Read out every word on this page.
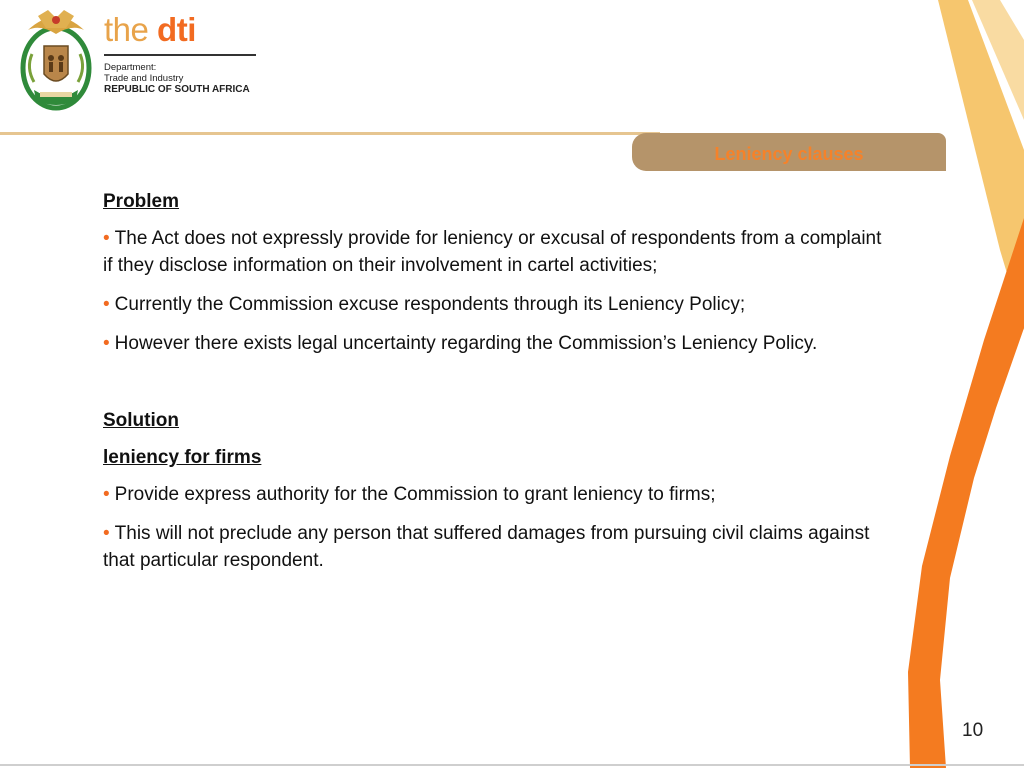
the dti
Department:
Trade and Industry
REPUBLIC OF SOUTH AFRICA
Leniency clauses

Problem

• The Act does not expressly provide for leniency or excusal of respondents from a complaint if they disclose information on their involvement in cartel activities;

• Currently the Commission excuse respondents through its Leniency Policy;

• However there exists legal uncertainty regarding the Commission’s Leniency Policy.

Solution

leniency for firms

• Provide express authority for the Commission to grant leniency to firms;

• This will not preclude any person that suffered damages from pursuing civil claims against that particular respondent.

10
